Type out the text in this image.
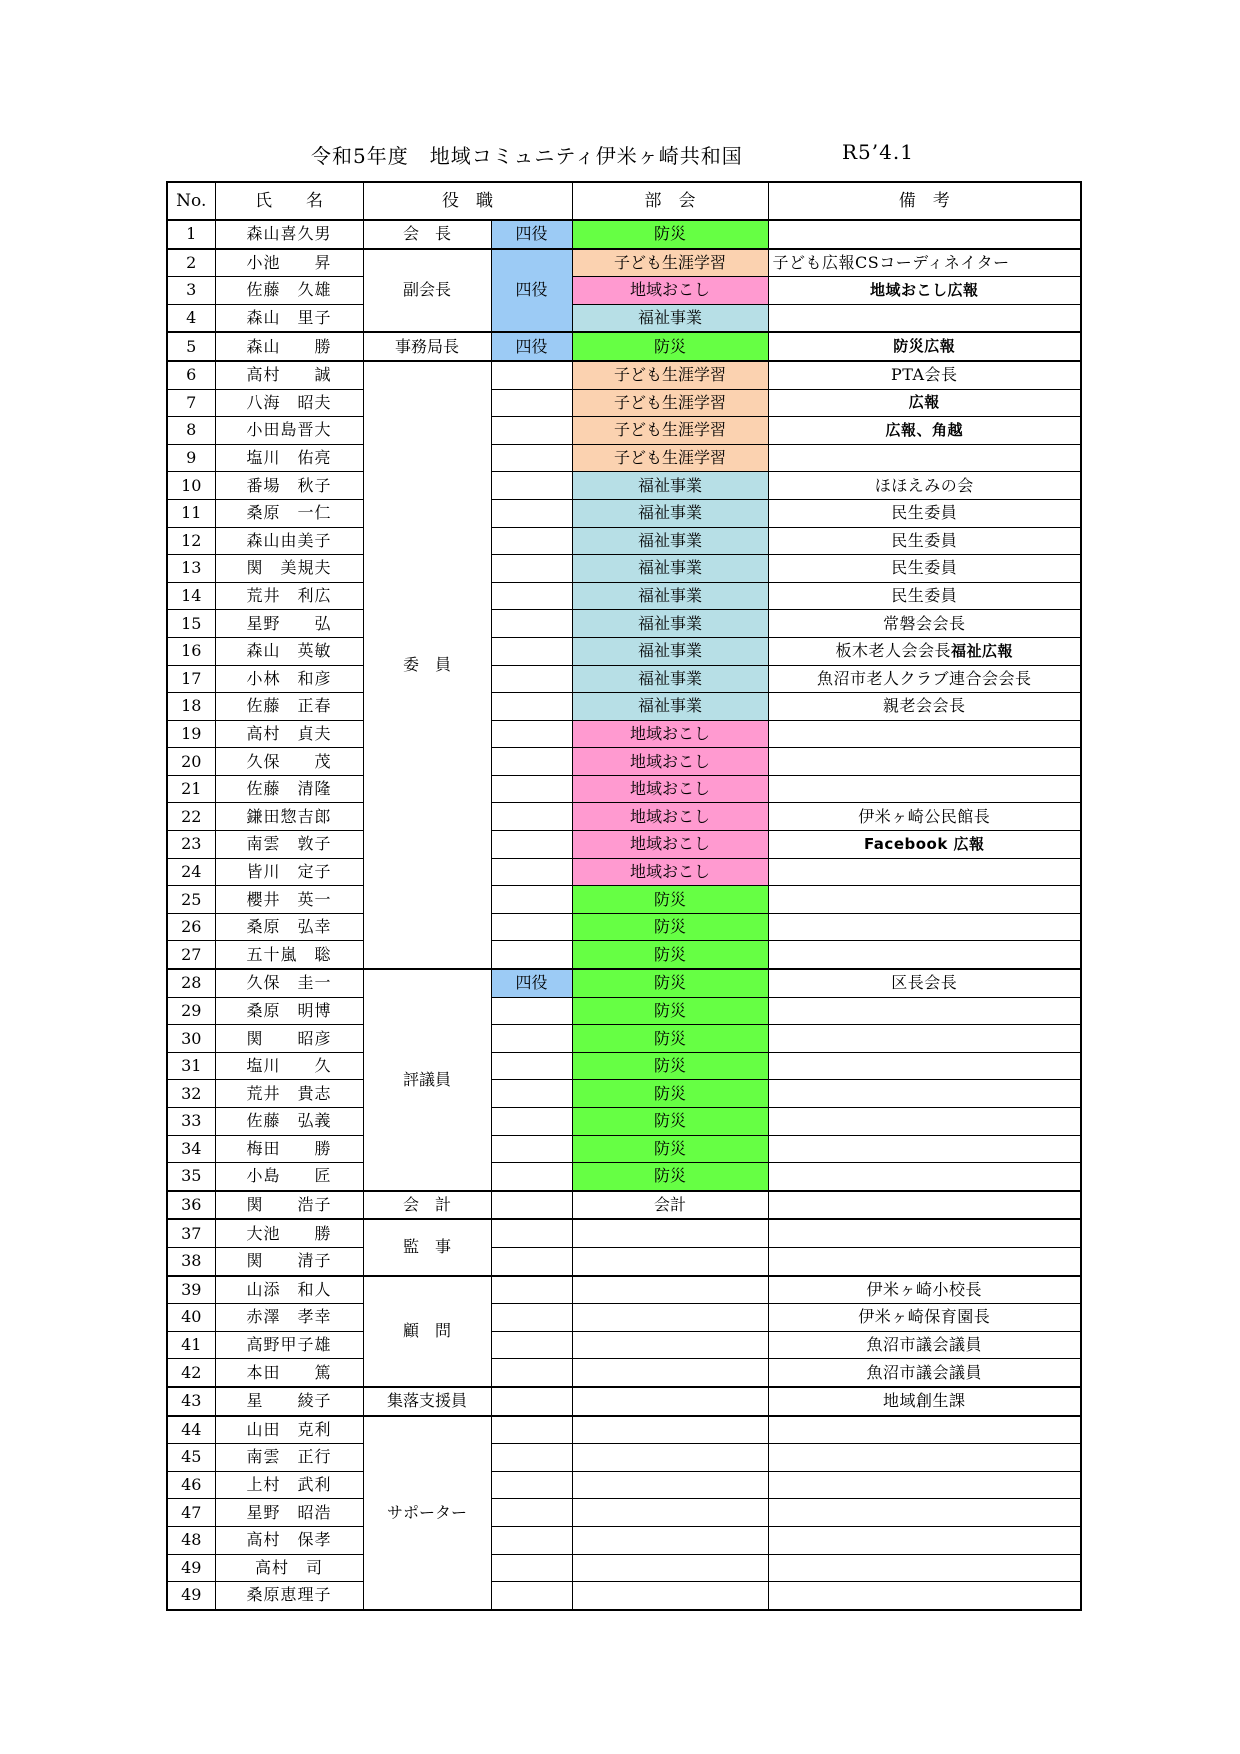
令和5年度　地域コミュニティ伊米ヶ崎共和国	R5’4.1
No.	氏　　名	役　職		部　会	備　考
1	森山喜久男	会　長	四役	防災	
2	小池　　昇	副会長	四役	子ども生涯学習	子ども広報CSコーディネイター
3	佐藤　久雄			地域おこし	地域おこし広報
4	森山　里子			福祉事業	
5	森山　　勝	事務局長	四役	防災	防災広報
6	高村　　誠	委　員		子ども生涯学習	PTA会長
7	八海　昭夫			子ども生涯学習	広報
8	小田島晋大			子ども生涯学習	広報、角越
9	塩川　佑亮			子ども生涯学習	
10	番場　秋子			福祉事業	ほほえみの会
11	桑原　一仁			福祉事業	民生委員
12	森山由美子			福祉事業	民生委員
13	関　美規夫			福祉事業	民生委員
14	荒井　利広			福祉事業	民生委員
15	星野　　弘			福祉事業	常磐会会長
16	森山　英敏			福祉事業	板木老人会会長福祉広報
17	小林　和彦			福祉事業	魚沼市老人クラブ連合会会長
18	佐藤　正春			福祉事業	親老会会長
19	高村　貞夫			地域おこし	
20	久保　　茂			地域おこし	
21	佐藤　清隆			地域おこし	
22	鎌田惣吉郎			地域おこし	伊米ヶ崎公民館長
23	南雲　敦子			地域おこし	Facebook 広報
24	皆川　定子			地域おこし	
25	櫻井　英一			防災	
26	桑原　弘幸			防災	
27	五十嵐　聡			防災	
28	久保　圭一	評議員	四役	防災	区長会長
29	桑原　明博			防災	
30	関　　昭彦			防災	
31	塩川　　久			防災	
32	荒井　貴志			防災	
33	佐藤　弘義			防災	
34	梅田　　勝			防災	
35	小島　　匠			防災	
36	関　　浩子	会　計		会計	
37	大池　　勝	監　事			
38	関　　清子				
39	山添　和人	顧　問			伊米ヶ崎小校長
40	赤澤　孝幸				伊米ヶ崎保育園長
41	高野甲子雄				魚沼市議会議員
42	本田　　篤				魚沼市議会議員
43	星　　綾子	集落支援員			地域創生課
44	山田　克利	サポーター			
45	南雲　正行				
46	上村　武利				
47	星野　昭浩				
48	高村　保孝				
49	高村　司				
49	桑原恵理子				
